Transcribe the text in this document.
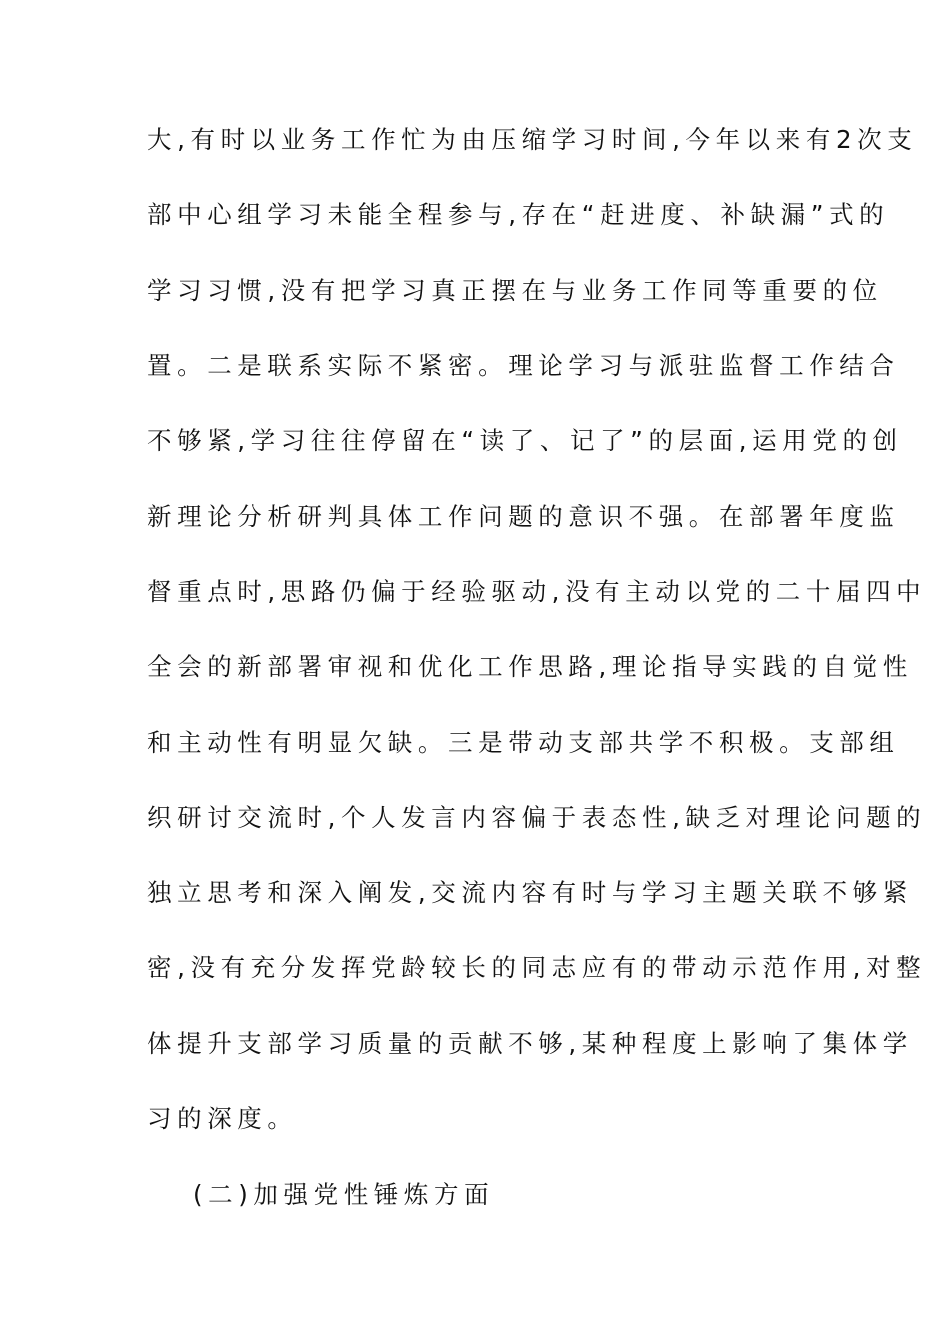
大,有时以业务工作忙为由压缩学习时间,今年以来有2次支
部中心组学习未能全程参与,存在“赶进度、补缺漏”式的
学习习惯,没有把学习真正摆在与业务工作同等重要的位
置。二是联系实际不紧密。理论学习与派驻监督工作结合
不够紧,学习往往停留在“读了、记了”的层面,运用党的创
新理论分析研判具体工作问题的意识不强。在部署年度监
督重点时,思路仍偏于经验驱动,没有主动以党的二十届四中
全会的新部署审视和优化工作思路,理论指导实践的自觉性
和主动性有明显欠缺。三是带动支部共学不积极。支部组
织研讨交流时,个人发言内容偏于表态性,缺乏对理论问题的
独立思考和深入阐发,交流内容有时与学习主题关联不够紧
密,没有充分发挥党龄较长的同志应有的带动示范作用,对整
体提升支部学习质量的贡献不够,某种程度上影响了集体学
习的深度。
(二)加强党性锤炼方面
